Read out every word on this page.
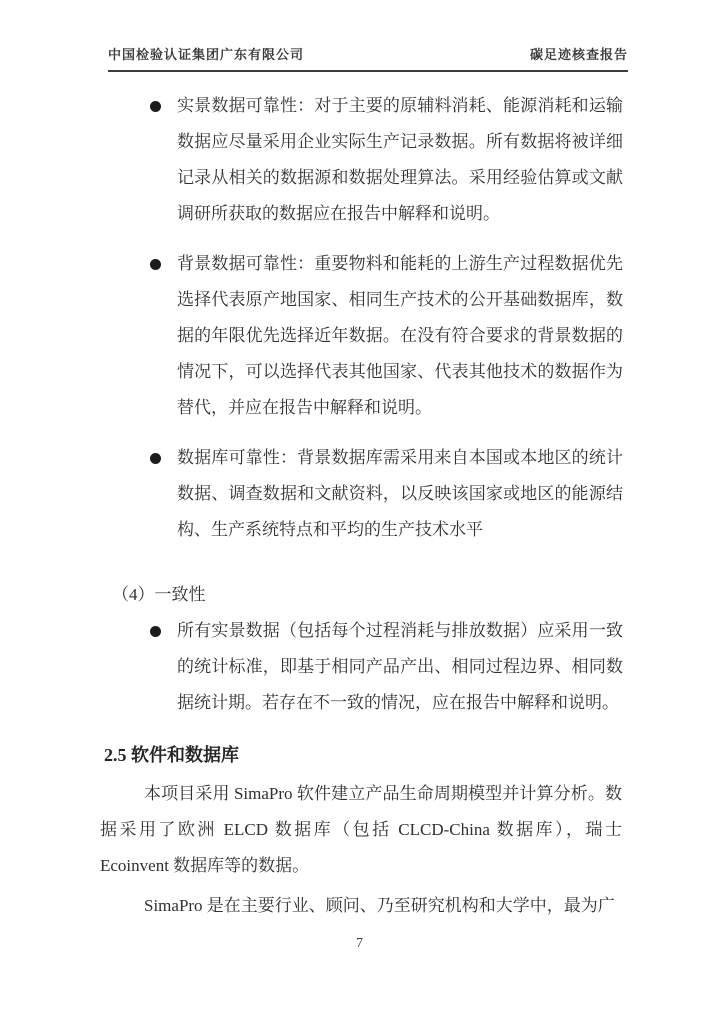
中国检验认证集团广东有限公司	碳足迹核查报告
实景数据可靠性：对于主要的原辅料消耗、能源消耗和运输数据应尽量采用企业实际生产记录数据。所有数据将被详细记录从相关的数据源和数据处理算法。采用经验估算或文献调研所获取的数据应在报告中解释和说明。
背景数据可靠性：重要物料和能耗的上游生产过程数据优先选择代表原产地国家、相同生产技术的公开基础数据库，数据的年限优先选择近年数据。在没有符合要求的背景数据的情况下，可以选择代表其他国家、代表其他技术的数据作为替代，并应在报告中解释和说明。
数据库可靠性：背景数据库需采用来自本国或本地区的统计数据、调查数据和文献资料，以反映该国家或地区的能源结构、生产系统特点和平均的生产技术水平
（4）一致性
所有实景数据（包括每个过程消耗与排放数据）应采用一致的统计标准，即基于相同产品产出、相同过程边界、相同数据统计期。若存在不一致的情况，应在报告中解释和说明。
2.5 软件和数据库
本项目采用 SimaPro 软件建立产品生命周期模型并计算分析。数据采用了欧洲 ELCD 数据库（包括 CLCD-China 数据库），瑞士 Ecoinvent 数据库等的数据。
SimaPro 是在主要行业、顾问、乃至研究机构和大学中，最为广
7
